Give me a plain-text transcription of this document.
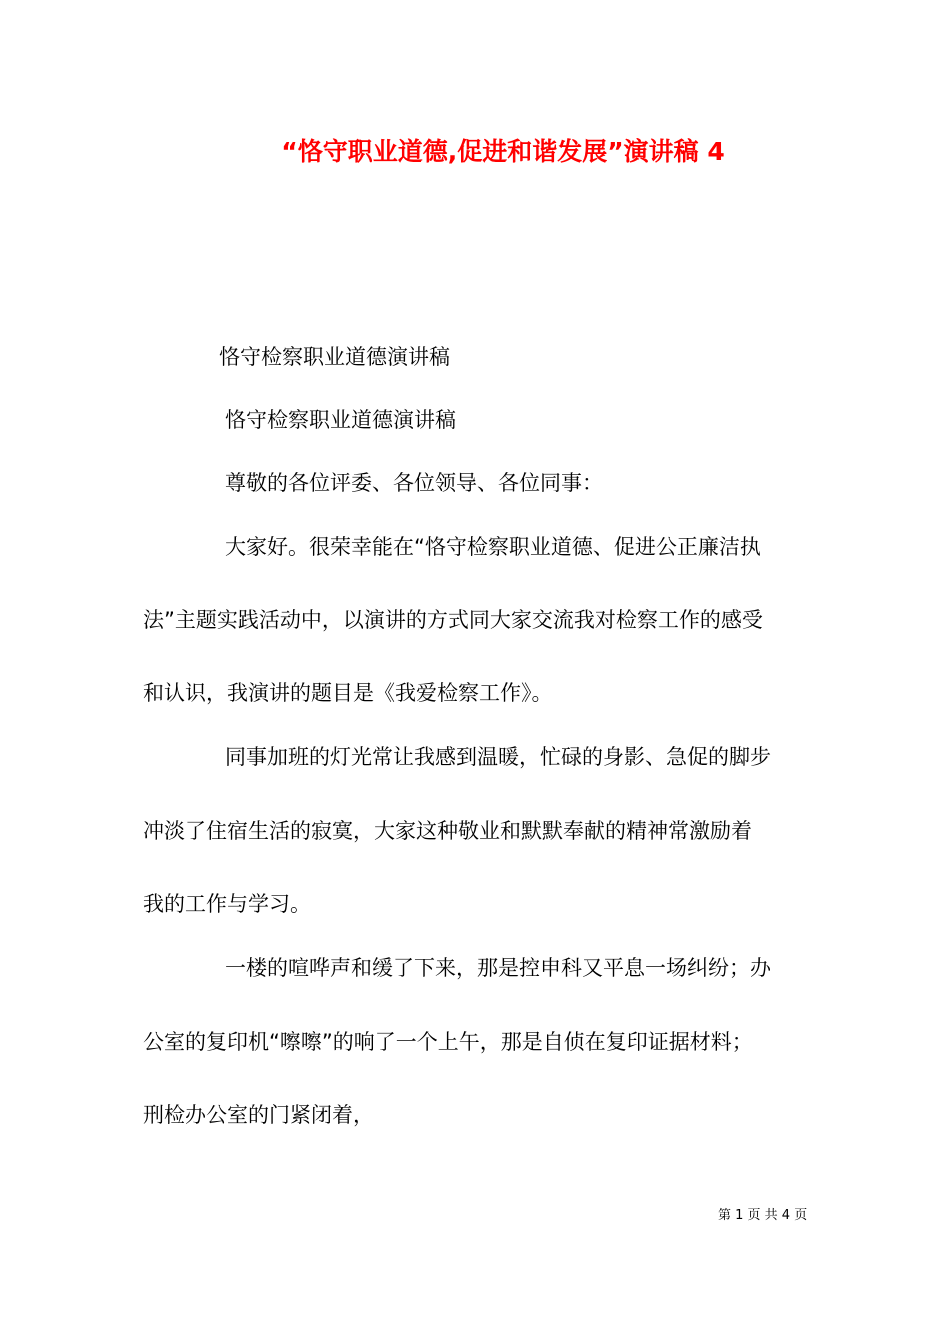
“恪守职业道德,促进和谐发展”演讲稿 4
恪守检察职业道德演讲稿
恪守检察职业道德演讲稿
尊敬的各位评委、各位领导、各位同事：
大家好。很荣幸能在“恪守检察职业道德、促进公正廉洁执
法”主题实践活动中，以演讲的方式同大家交流我对检察工作的感受
和认识，我演讲的题目是《我爱检察工作》。
同事加班的灯光常让我感到温暖，忙碌的身影、急促的脚步
冲淡了住宿生活的寂寞，大家这种敬业和默默奉献的精神常激励着
我的工作与学习。
一楼的喧哗声和缓了下来，那是控申科又平息一场纠纷；办
公室的复印机“嚓嚓”的响了一个上午，那是自侦在复印证据材料；
刑检办公室的门紧闭着，
第 1 页 共 4 页
